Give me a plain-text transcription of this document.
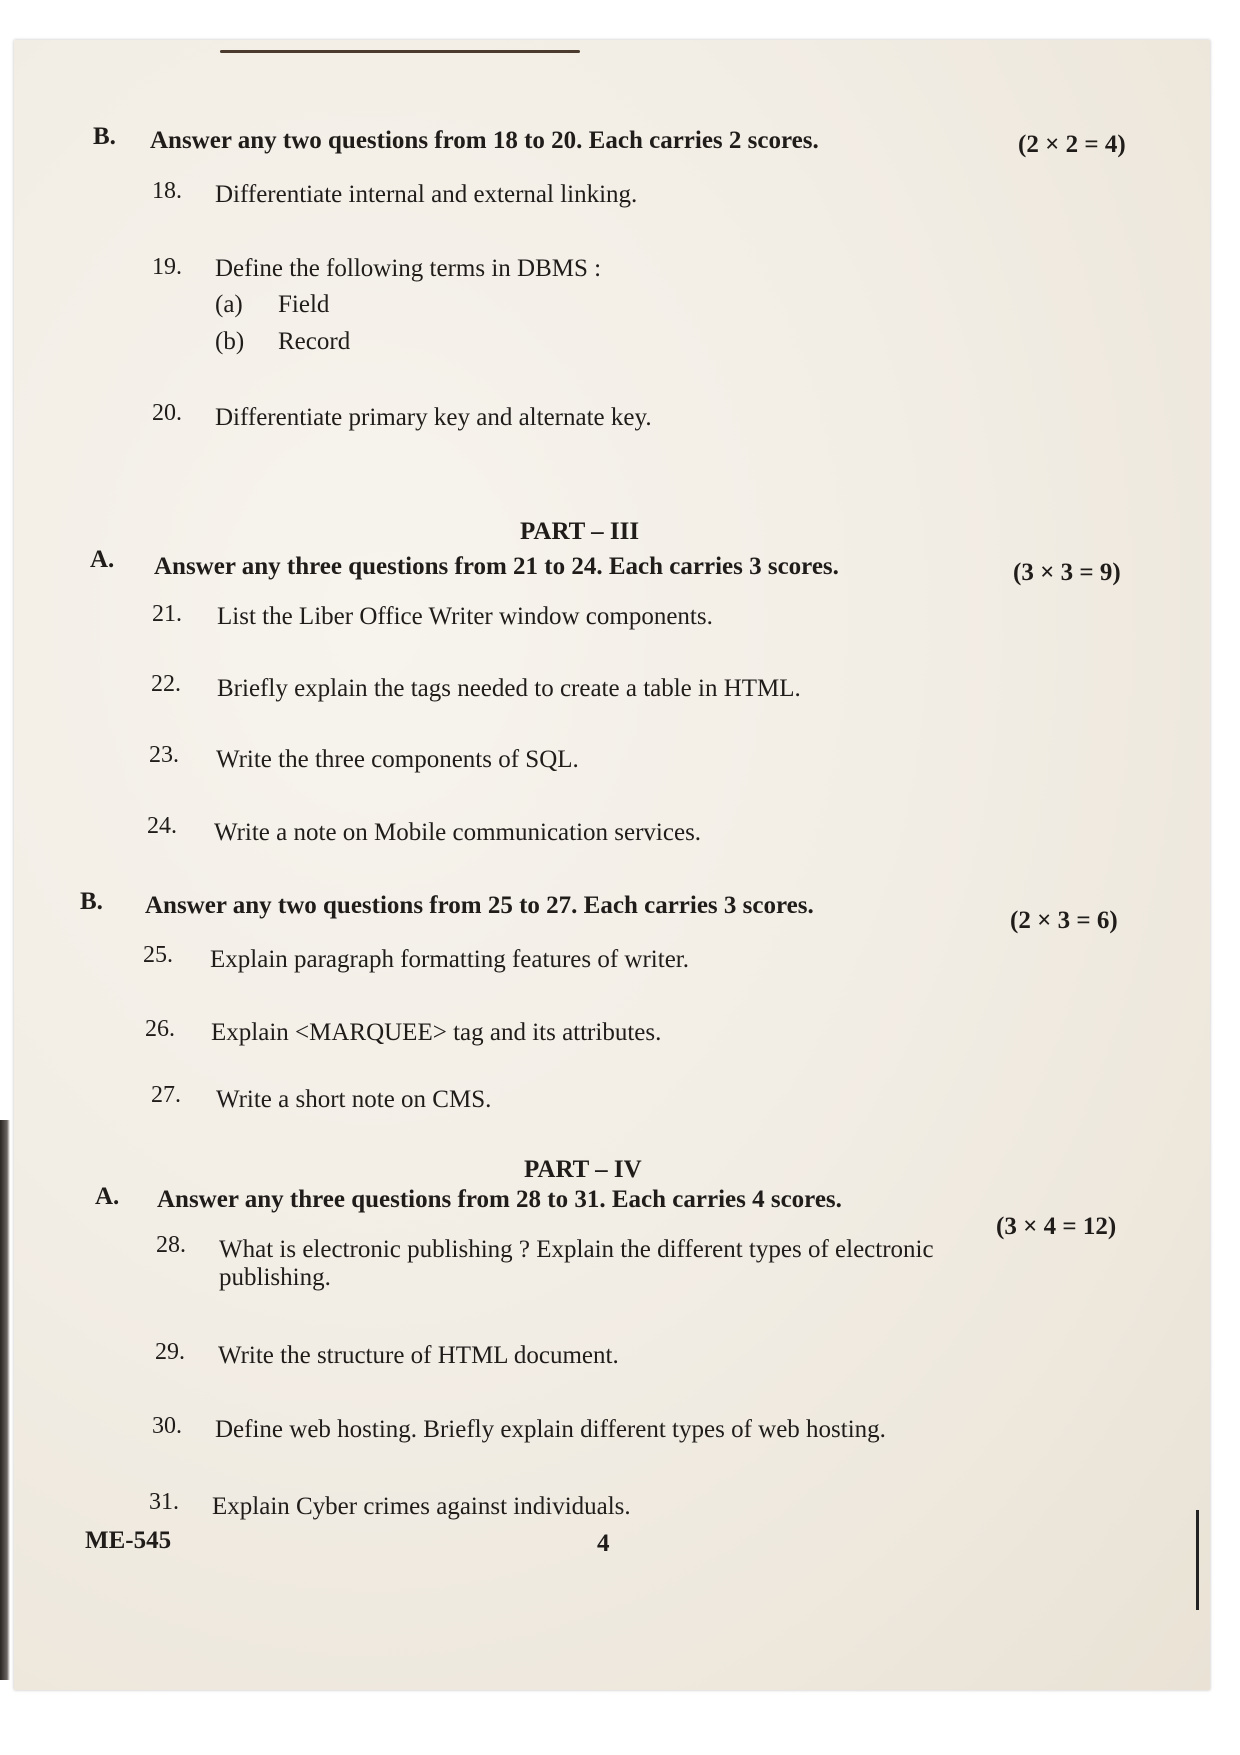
B. Answer any two questions from 18 to 20. Each carries 2 scores.	(2 × 2 = 4)
18. Differentiate internal and external linking.
19. Define the following terms in DBMS :
(a) Field
(b) Record
20. Differentiate primary key and alternate key.
PART – III
A. Answer any three questions from 21 to 24. Each carries 3 scores.	(3 × 3 = 9)
21. List the Liber Office Writer window components.
22. Briefly explain the tags needed to create a table in HTML.
23. Write the three components of SQL.
24. Write a note on Mobile communication services.
B. Answer any two questions from 25 to 27. Each carries 3 scores.
(2 × 3 = 6)
25. Explain paragraph formatting features of writer.
26. Explain <MARQUEE> tag and its attributes.
27. Write a short note on CMS.
PART – IV
A. Answer any three questions from 28 to 31. Each carries 4 scores.
(3 × 4 = 12)
28. What is electronic publishing ? Explain the different types of electronic
publishing.
29. Write the structure of HTML document.
30. Define web hosting. Briefly explain different types of web hosting.
31. Explain Cyber crimes against individuals.
ME-545	4
